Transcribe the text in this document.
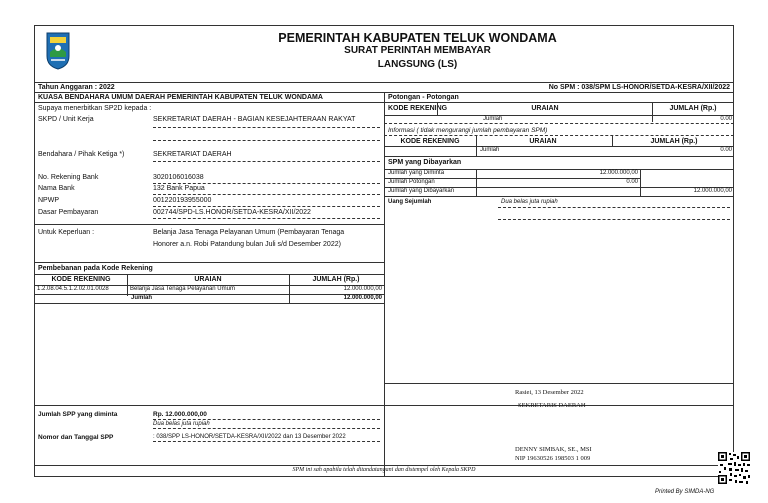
PEMERINTAH KABUPATEN TELUK WONDAMA
SURAT PERINTAH MEMBAYAR
LANGSUNG (LS)
Tahun Anggaran : 2022	No SPM : 038/SPM LS-HONOR/SETDA-KESRA/XII/2022
KUASA BENDAHARA UMUM DAERAH PEMERINTAH KABUPATEN TELUK WONDAMA
Supaya menerbitkan SP2D kepada :
SKPD / Unit Kerja	SEKRETARIAT DAERAH - BAGIAN KESEJAHTERAAN RAKYAT
Bendahara / Pihak Ketiga *)	SEKRETARIAT DAERAH
No. Rekening Bank	3020106016038
Nama Bank	132 Bank Papua
NPWP	001220193955000
Dasar Pembayaran	002744/SPD-LS.HONOR/SETDA-KESRA/XII/2022
Untuk Keperluan :	Belanja Jasa Tenaga Pelayanan Umum (Pembayaran Tenaga
Honorer a.n. Robi Patandung bulan Juli s/d Desember 2022)
Pembebanan pada Kode Rekening
KODE REKENING	URAIAN	JUMLAH (Rp.)
1.2.08.04.5.1.2.02.01.0028	Belanja Jasa Tenaga Pelayanan Umum	12.000.000,00
Jumlah	12.000.000,00
Jumlah SPP yang diminta	Rp. 12.000.000,00
Dua belas juta rupiah
Nomor dan Tanggal SPP	: 038/SPP LS-HONOR/SETDA-KESRA/XII/2022 dan 13 Desember 2022
Potongan - Potongan
KODE REKENING	URAIAN	JUMLAH (Rp.)
Jumlah	0.00
Informasi ( tidak mengurangi jumlah pembayaran SPM)
KODE REKENING	URAIAN	JUMLAH (Rp.)
Jumlah	0.00
SPM yang Dibayarkan
Jumlah yang Diminta	12.000.000,00
Jumlah Potongan	0.00
Jumlah yang Dibayarkan	12.000.000,00
Uang Sejumlah	Dua belas juta rupiah
Rasiei, 13 Desember 2022
SEKRETARIS DAERAH
DENNY SIMBAK, SE., MSI
NIP 19630526 198503 1 009
SPM ini sah apabila telah ditandatangani dan distempel oleh Kepala SKPD
Printed By SIMDA-NG
